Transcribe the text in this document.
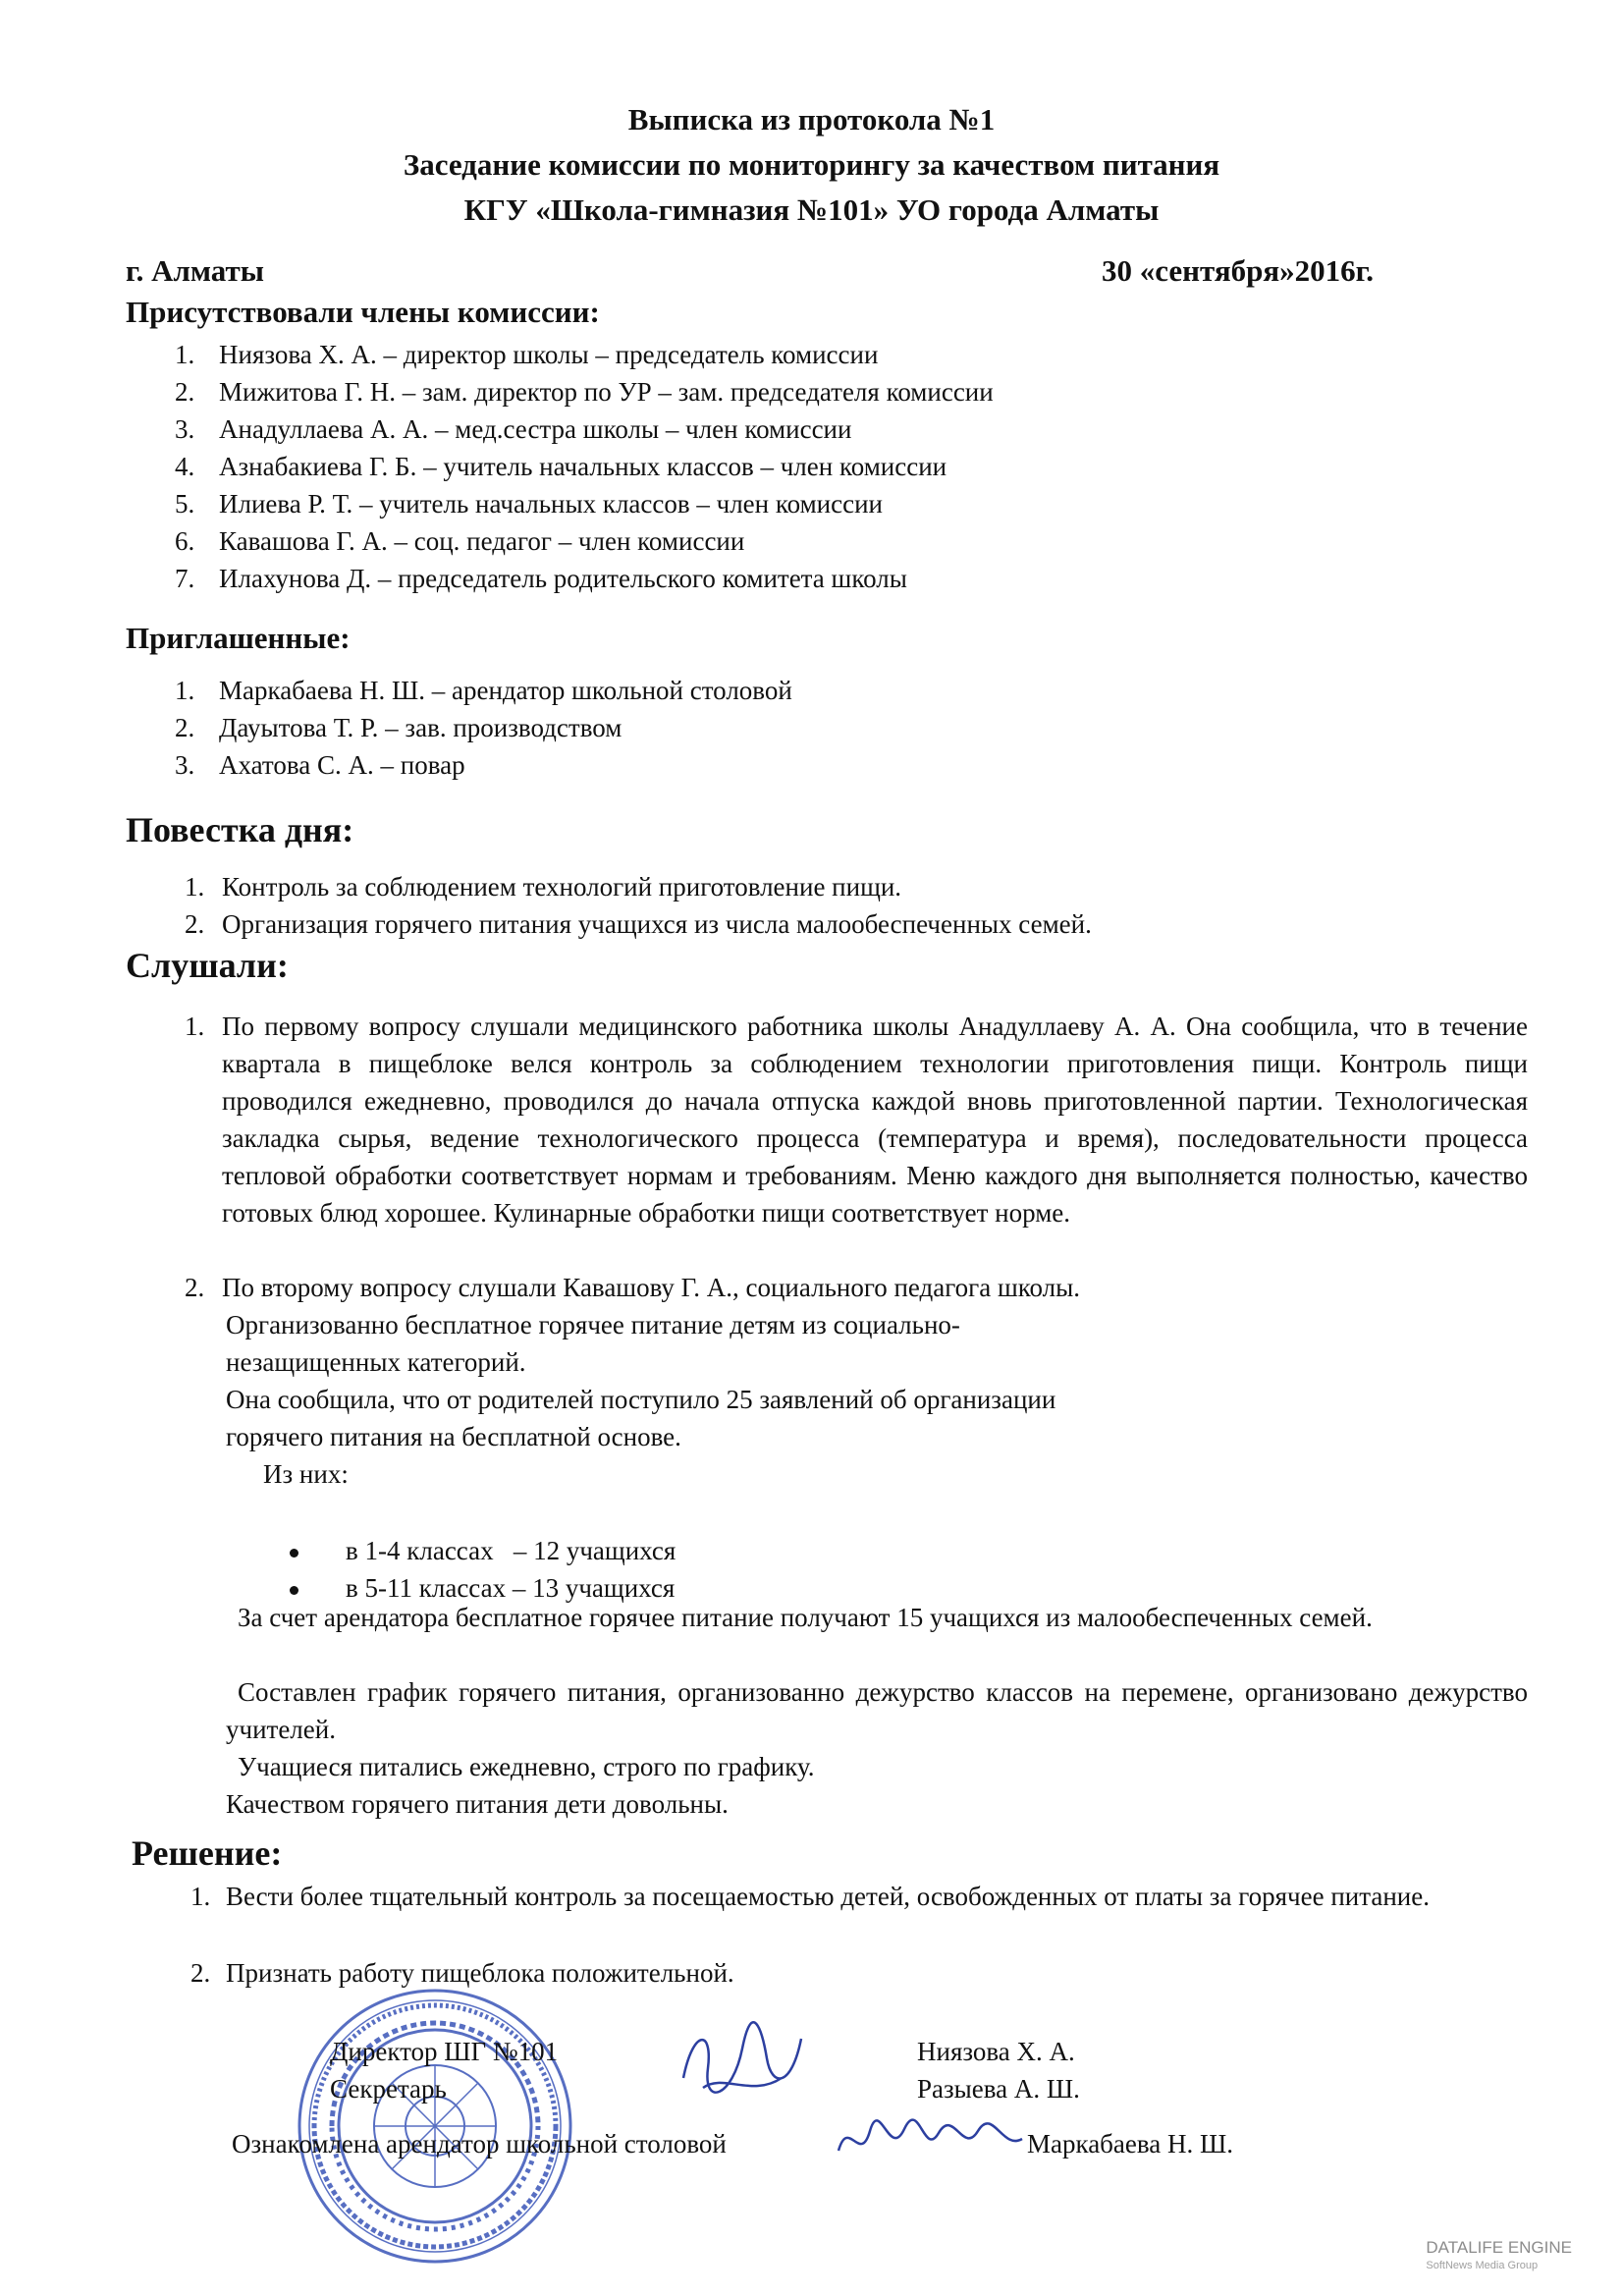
Выписка из протокола №1
Заседание комиссии по мониторингу за качеством питания
КГУ «Школа-гимназия №101» УО города Алматы
г. Алматы	30 «сентября»2016г.
Присутствовали члены комиссии:
1. Ниязова Х. А. – директор школы – председатель комиссии
2. Мижитова Г. Н. – зам. директор по УР – зам. председателя комиссии
3. Анадуллаева А. А. – мед.сестра школы – член комиссии
4. Азнабакиева Г. Б. – учитель начальных классов – член комиссии
5. Илиева Р. Т. – учитель начальных классов – член комиссии
6. Кавашова Г. А. – соц. педагог – член комиссии
7. Илахунова Д. – председатель родительского комитета школы
Приглашенные:
1. Маркабаева Н. Ш. – арендатор школьной столовой
2. Дауытова Т. Р. – зав. производством
3. Ахатова С. А. – повар
Повестка дня:
1. Контроль за соблюдением технологий приготовление пищи.
2. Организация горячего питания учащихся из числа малообеспеченных семей.
Слушали:
1. По первому вопросу слушали медицинского работника школы Анадуллаеву А. А. Она сообщила, что в течение квартала в пищеблоке велся контроль за соблюдением технологии приготовления пищи. Контроль пищи проводился ежедневно, проводился до начала отпуска каждой вновь приготовленной партии. Технологическая закладка сырья, ведение технологического процесса (температура и время), последовательности процесса тепловой обработки соответствует нормам и требованиям. Меню каждого дня выполняется полностью, качество готовых блюд хорошее. Кулинарные обработки пищи соответствует норме.
2. По второму вопросу слушали Кавашову Г. А., социального педагога школы.
Организованно бесплатное горячее питание детям из социально-
незащищенных категорий.
Она сообщила, что от родителей поступило 25 заявлений об организации
горячего питания на бесплатной основе.
Из них:

в 1-4 классах   – 12 учащихся

в 5-11 классах – 13 учащихся

За счет арендатора бесплатное горячее питание получают 15 учащихся из малообеспеченных семей.
Составлен график горячего питания, организованно дежурство классов на перемене, организовано дежурство учителей.
Учащиеся питались ежедневно, строго по графику.
Качеством горячего питания дети довольны.
Решение:
1. Вести более тщательный контроль за посещаемостью детей, освобожденных от платы за горячее питание.
2. Признать работу пищеблока положительной.
Директор ШГ №101	Ниязова Х. А.
Секретарь	Разыева А. Ш.
Ознакомлена арендатор школьной столовой	Маркабаева Н. Ш.
DATALIFE ENGINE
SoftNews Media Group
